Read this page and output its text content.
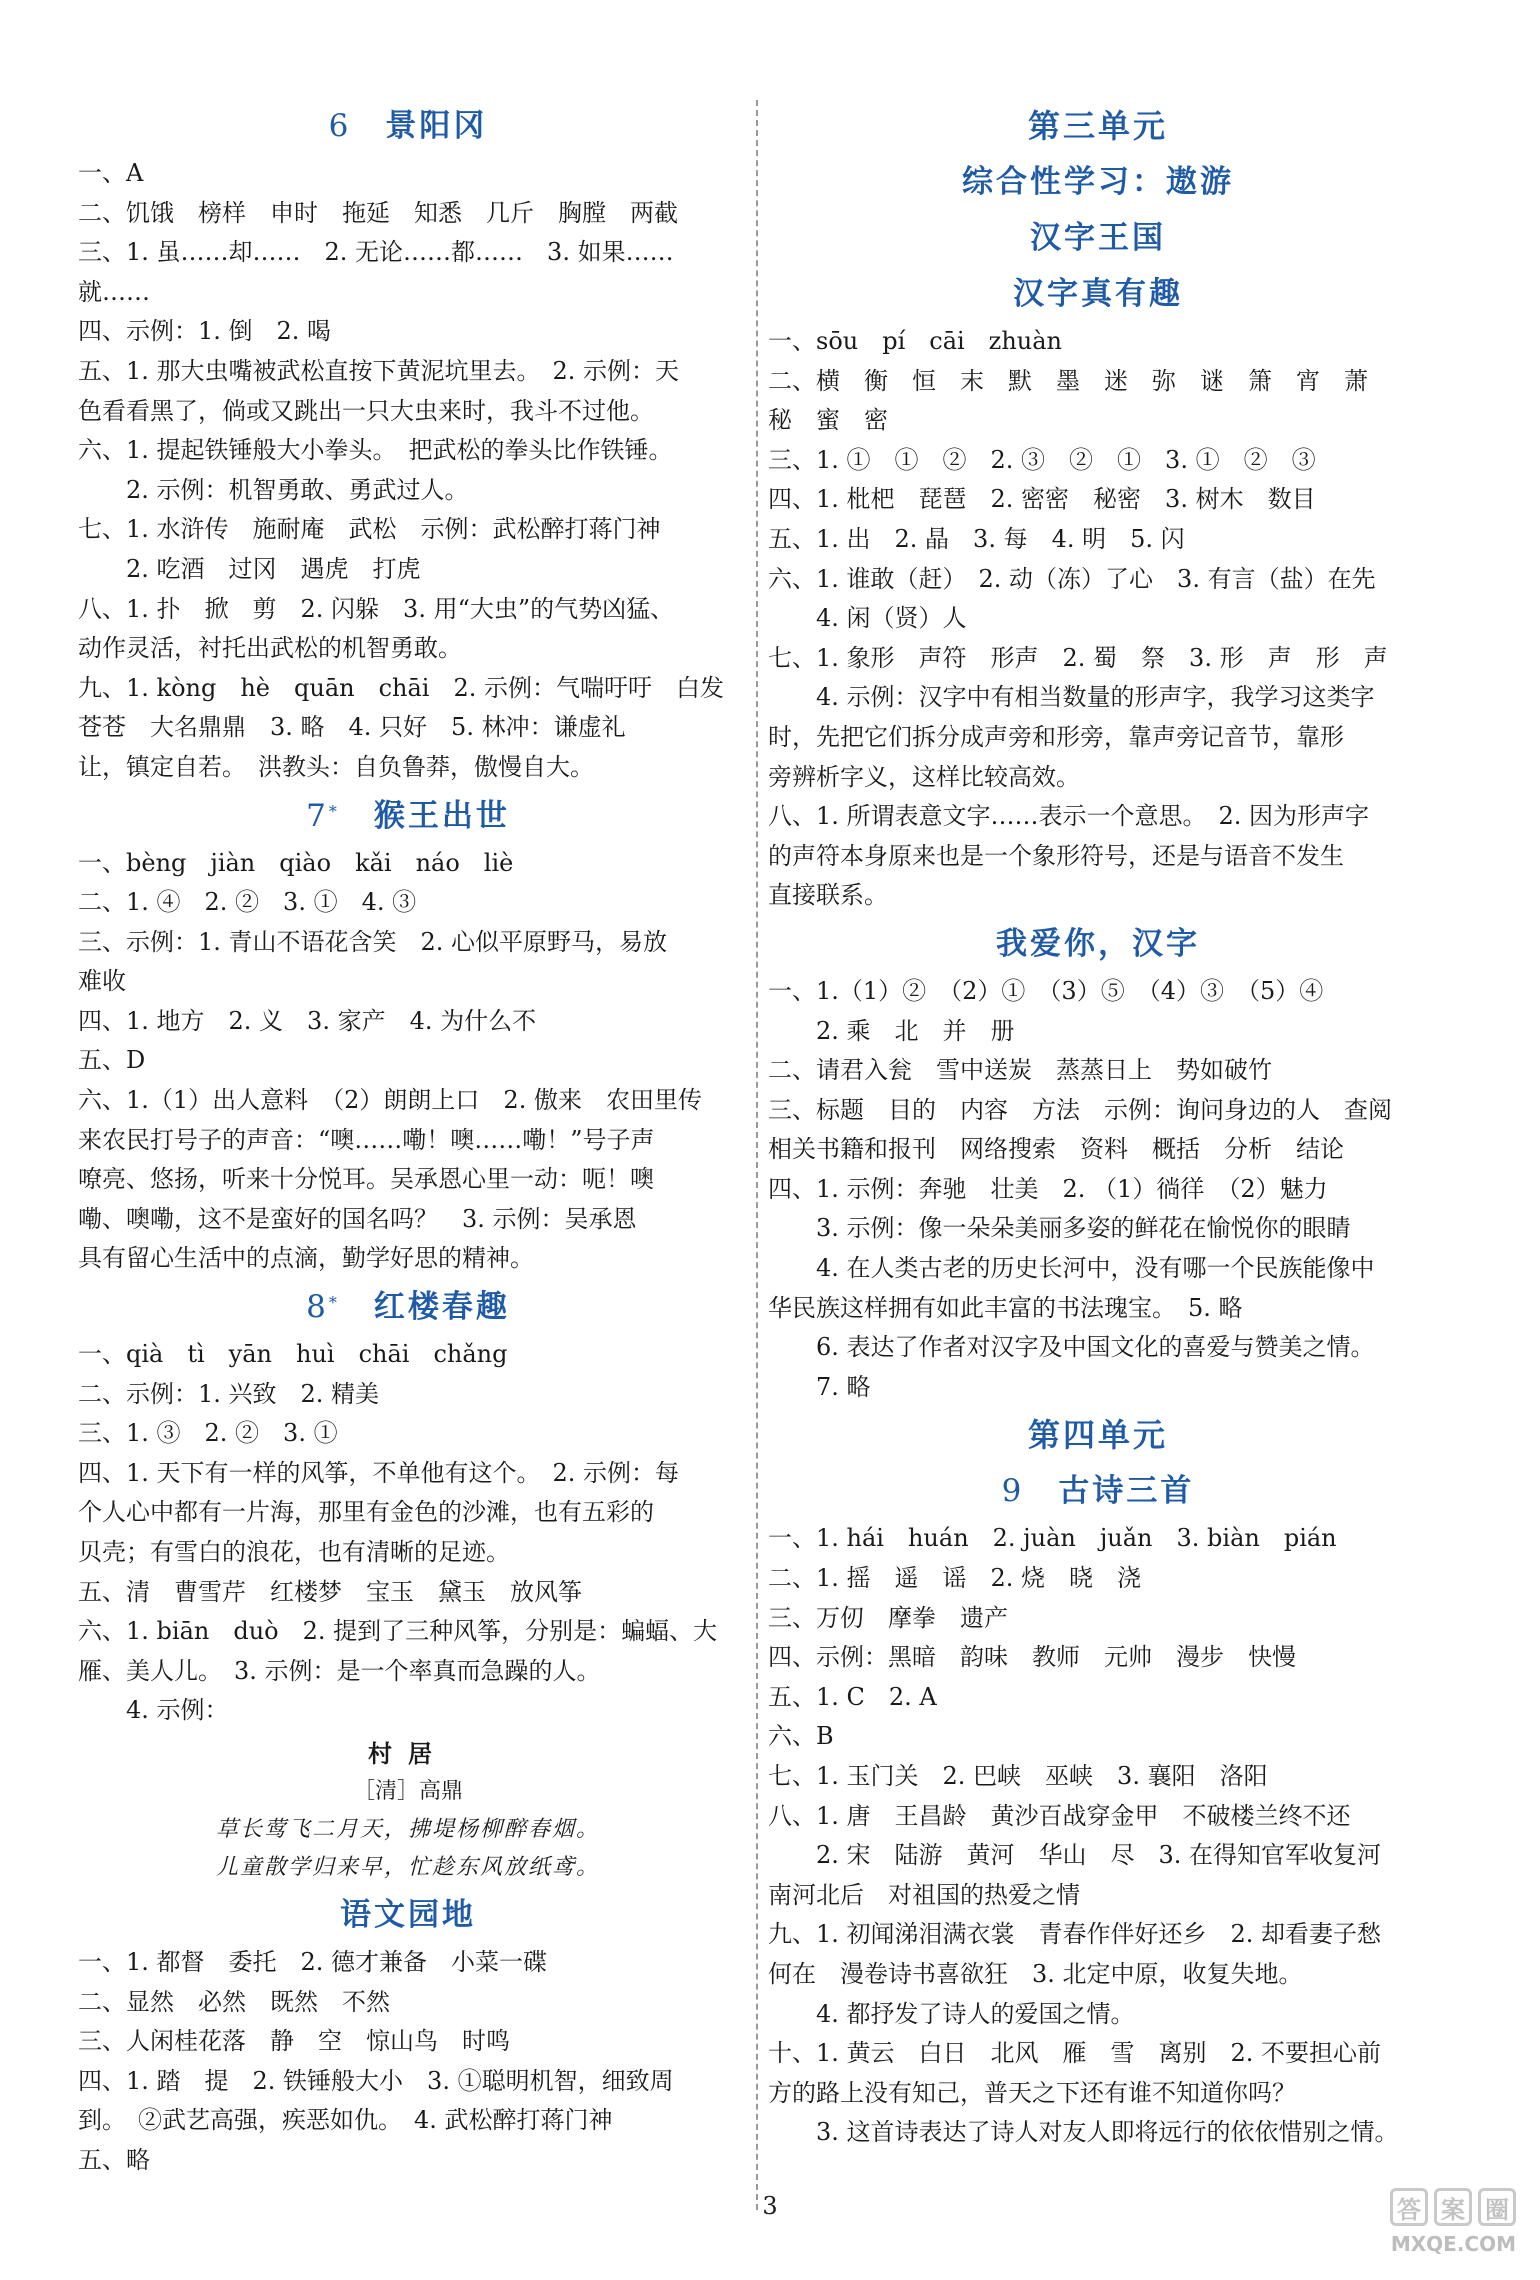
6 景阳冈
一、A
二、饥饿　榜样　申时　拖延　知悉　几斤　胸膛　两截
三、1. 虽……却……　2. 无论……都……　3. 如果……
就……
四、示例：1. 倒　2. 喝
五、1. 那大虫嘴被武松直按下黄泥坑里去。　2. 示例：天
色看看黑了，倘或又跳出一只大虫来时，我斗不过他。
六、1. 提起铁锤般大小拳头。　把武松的拳头比作铁锤。
2. 示例：机智勇敢、勇武过人。
七、1. 水浒传　施耐庵　武松　示例：武松醉打蒋门神
2. 吃酒　过冈　遇虎　打虎
八、1. 扑　掀　剪　2. 闪躲　3. 用“大虫”的气势凶猛、
动作灵活，衬托出武松的机智勇敢。
九、1. kòng　hè　quān　chāi　2. 示例：气喘吁吁　白发
苍苍　大名鼎鼎　3. 略　4. 只好　5. 林冲：谦虚礼
让，镇定自若。　洪教头：自负鲁莽，傲慢自大。
7* 猴王出世
一、bèng　jiàn　qiào　kǎi　náo　liè
二、1. ④　2. ②　3. ①　4. ③
三、示例：1. 青山不语花含笑　2. 心似平原野马，易放
难收
四、1. 地方　2. 义　3. 家产　4. 为什么不
五、D
六、1.（1）出人意料　（2）朗朗上口　2. 傲来　农田里传
来农民打号子的声音：“噢……嘞！噢……嘞！”号子声
嘹亮、悠扬，听来十分悦耳。吴承恩心里一动：呃！噢
嘞、噢嘞，这不是蛮好的国名吗？　3. 示例：吴承恩
具有留心生活中的点滴，勤学好思的精神。
8* 红楼春趣
一、qià　tì　yān　huì　chāi　chǎng
二、示例：1. 兴致　2. 精美
三、1. ③　2. ②　3. ①
四、1. 天下有一样的风筝，不单他有这个。　2. 示例：每
个人心中都有一片海，那里有金色的沙滩，也有五彩的
贝壳；有雪白的浪花，也有清晰的足迹。
五、清　曹雪芹　红楼梦　宝玉　黛玉　放风筝
六、1. biān　duò　2. 提到了三种风筝，分别是：蝙蝠、大
雁、美人儿。　3. 示例：是一个率真而急躁的人。
4. 示例：
村居
［清］高鼎
草长莺飞二月天，拂堤杨柳醉春烟。
儿童散学归来早，忙趁东风放纸鸢。
语文园地
一、1. 都督　委托　2. 德才兼备　小菜一碟
二、显然　必然　既然　不然
三、人闲桂花落　静　空　惊山鸟　时鸣
四、1. 踏　提　2. 铁锤般大小　3. ①聪明机智，细致周
到。　②武艺高强，疾恶如仇。　4. 武松醉打蒋门神
五、略
第三单元
综合性学习：遨游
汉字王国
汉字真有趣
一、sōu　pí　cāi　zhuàn
二、横　衡　恒　末　默　墨　迷　弥　谜　箫　宵　萧
秘　蜜　密
三、1. ①　①　②　2. ③　②　①　3. ①　②　③
四、1. 枇杷　琵琶　2. 密密　秘密　3. 树木　数目
五、1. 出　2. 晶　3. 每　4. 明　5. 闪
六、1. 谁敢（赶）　2. 动（冻）了心　3. 有言（盐）在先
4. 闲（贤）人
七、1. 象形　声符　形声　2. 蜀　祭　3. 形　声　形　声
4. 示例：汉字中有相当数量的形声字，我学习这类字
时，先把它们拆分成声旁和形旁，靠声旁记音节，靠形
旁辨析字义，这样比较高效。
八、1. 所谓表意文字……表示一个意思。　2. 因为形声字
的声符本身原来也是一个象形符号，还是与语音不发生
直接联系。
我爱你，汉字
一、1.（1）②　（2）①　（3）⑤　（4）③　（5）④
2. 乘　北　并　册
二、请君入瓮　雪中送炭　蒸蒸日上　势如破竹
三、标题　目的　内容　方法　示例：询问身边的人　查阅
相关书籍和报刊　网络搜索　资料　概括　分析　结论
四、1. 示例：奔驰　壮美　2. （1）徜徉　（2）魅力
3. 示例：像一朵朵美丽多姿的鲜花在愉悦你的眼睛
4. 在人类古老的历史长河中，没有哪一个民族能像中
华民族这样拥有如此丰富的书法瑰宝。　5. 略
6. 表达了作者对汉字及中国文化的喜爱与赞美之情。
7. 略
第四单元
9 古诗三首
一、1. hái　huán　2. juàn　juǎn　3. biàn　pián
二、1. 摇　遥　谣　2. 烧　晓　浇
三、万仞　摩拳　遗产
四、示例：黑暗　韵味　教师　元帅　漫步　快慢
五、1. C　2. A
六、B
七、1. 玉门关　2. 巴峡　巫峡　3. 襄阳　洛阳
八、1. 唐　王昌龄　黄沙百战穿金甲　不破楼兰终不还
2. 宋　陆游　黄河　华山　尽　3. 在得知官军收复河
南河北后　对祖国的热爱之情
九、1. 初闻涕泪满衣裳　青春作伴好还乡　2. 却看妻子愁
何在　漫卷诗书喜欲狂　3. 北定中原，收复失地。
4. 都抒发了诗人的爱国之情。
十、1. 黄云　白日　北风　雁　雪　离别　2. 不要担心前
方的路上没有知己，普天之下还有谁不知道你吗？
3. 这首诗表达了诗人对友人即将远行的依依惜别之情。
3	答 案 圈
MXQE.COM
